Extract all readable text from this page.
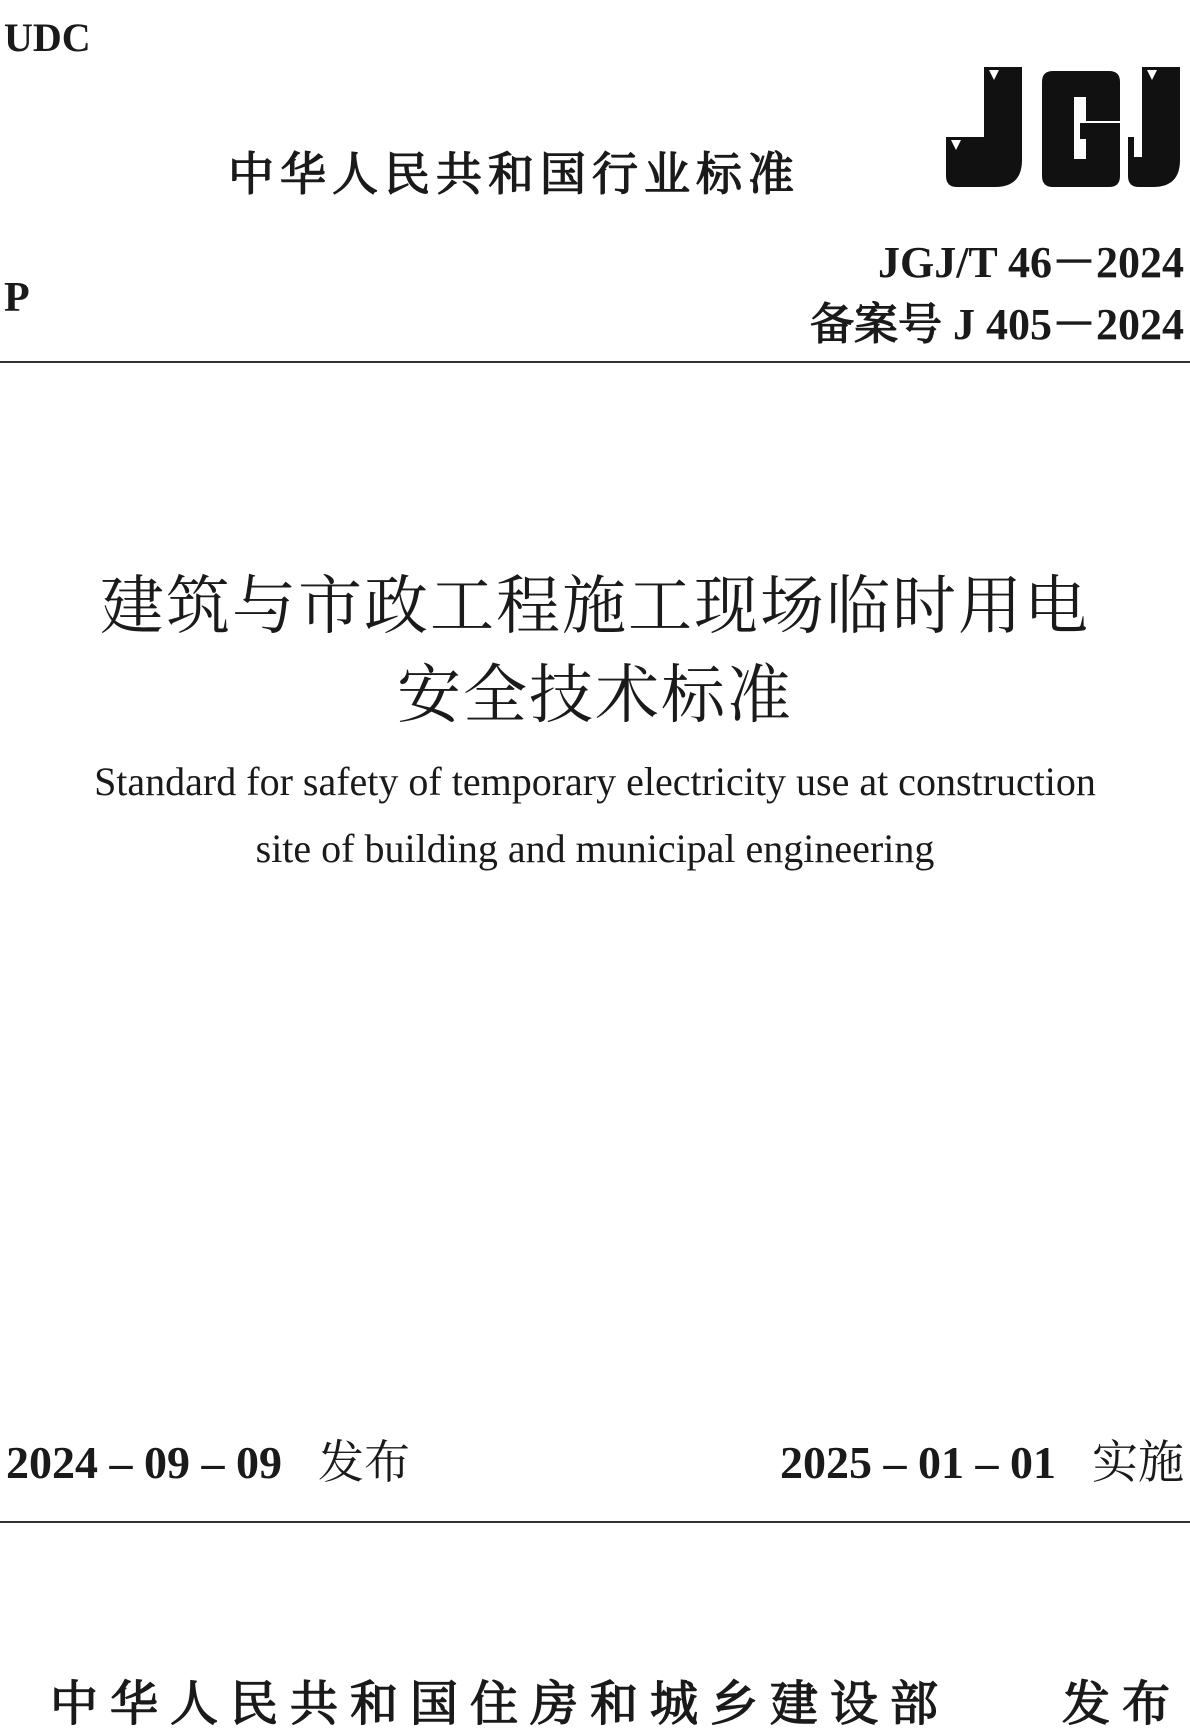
UDC
中华人民共和国行业标准
P
JGJ/T 46－2024
备案号 J 405－2024
建筑与市政工程施工现场临时用电
安全技术标准
Standard for safety of temporary electricity use at construction
site of building and municipal engineering
2024 – 09 – 09 发布	2025 – 01 – 01 实施
中华人民共和国住房和城乡建设部 发布
